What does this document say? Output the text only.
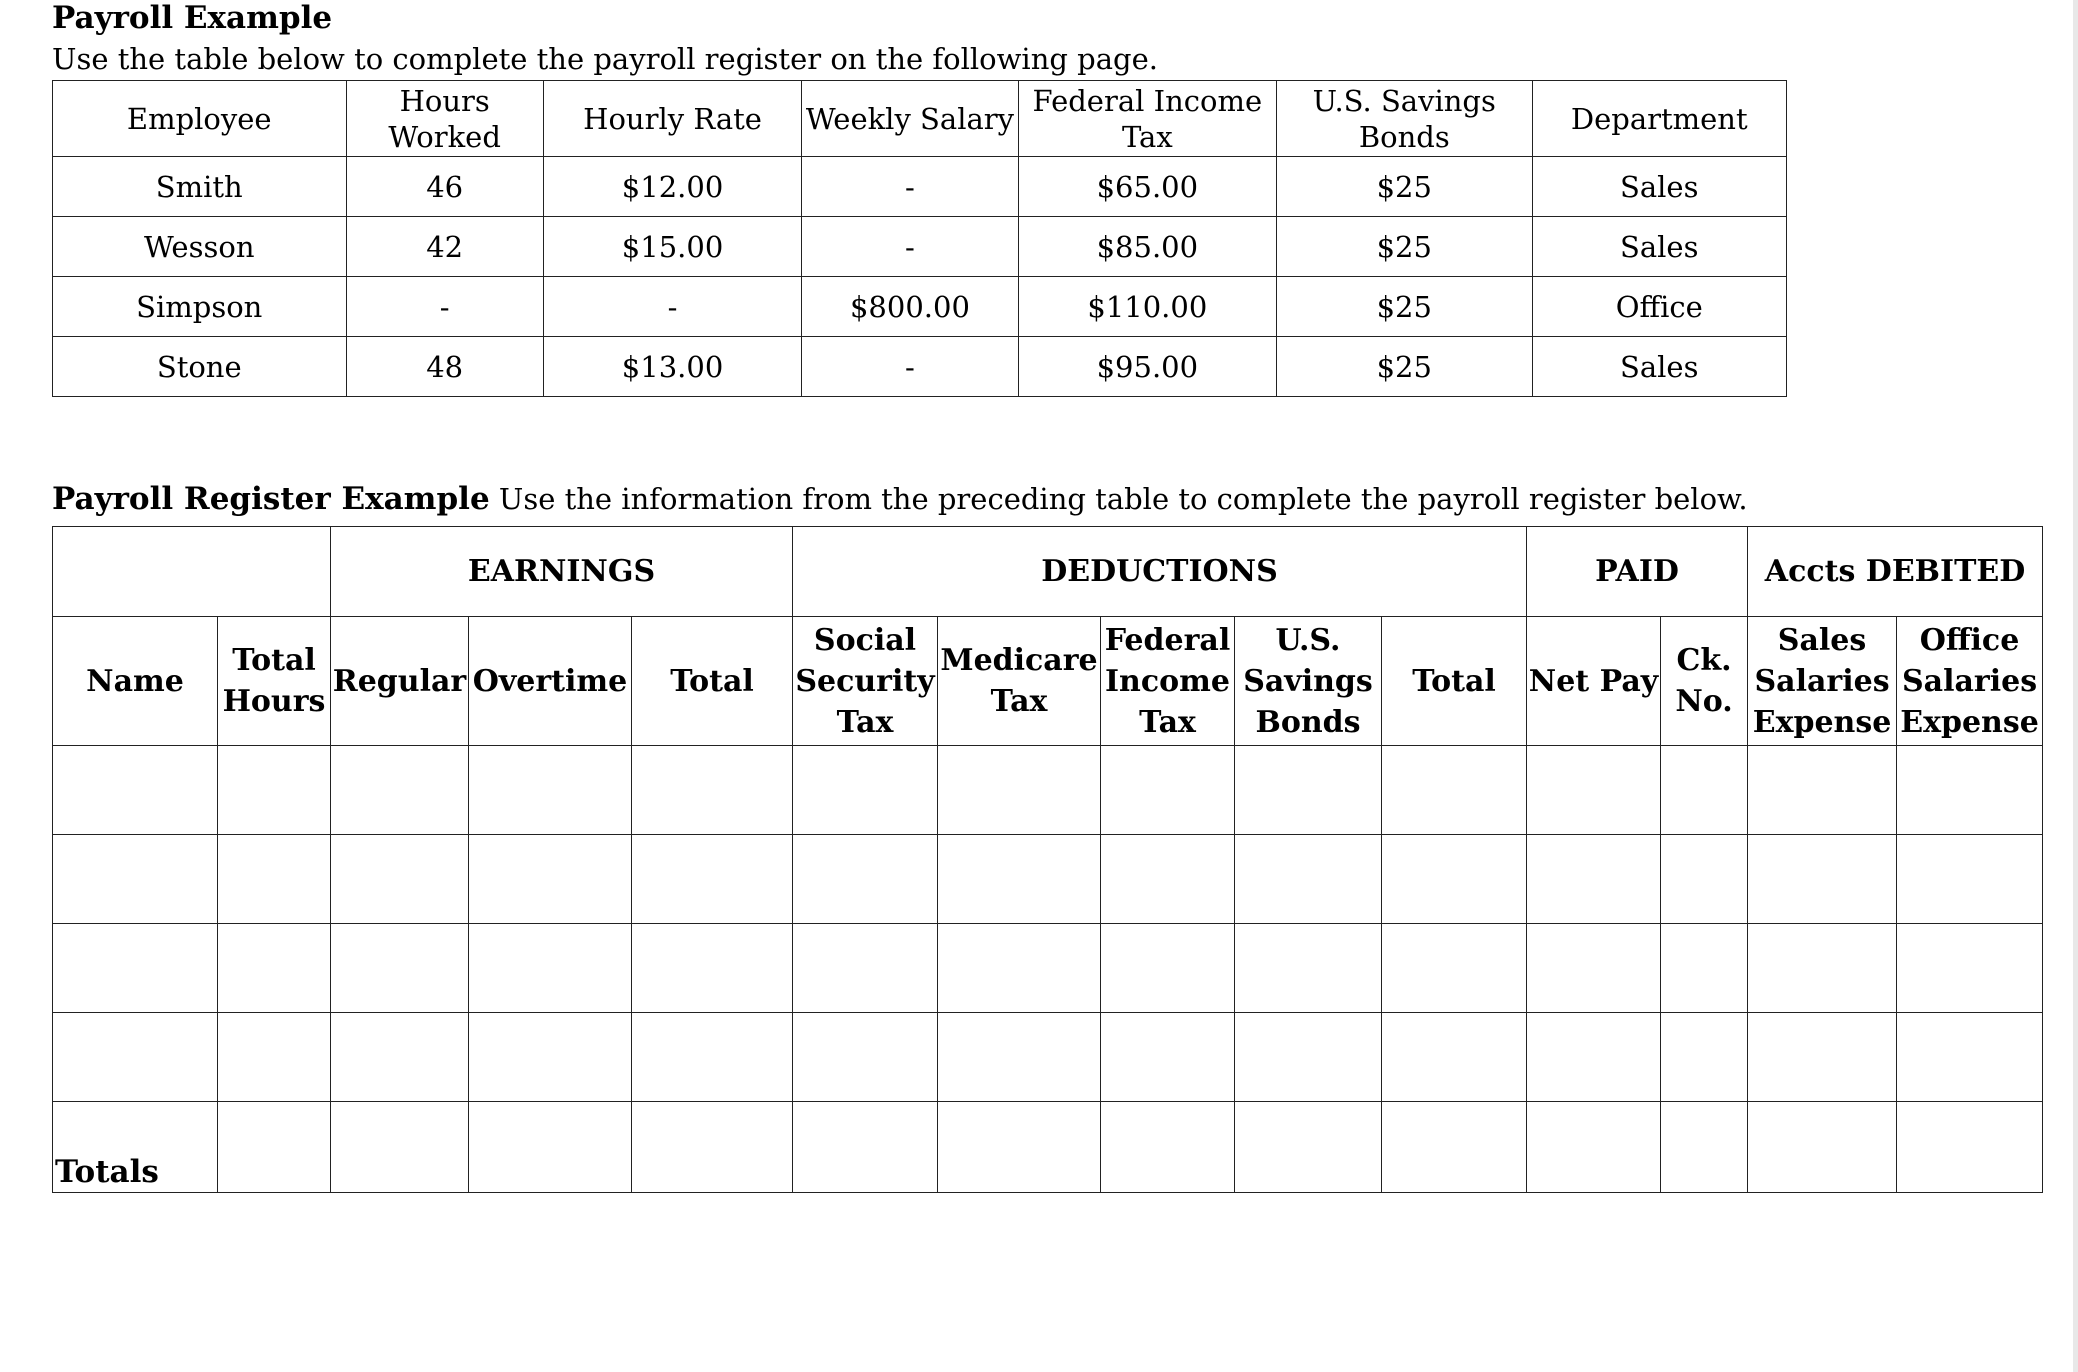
Payroll Example

Use the table below to complete the payroll register on the following page.

Employee	Hours Worked	Hourly Rate	Weekly Salary	Federal Income Tax	U.S. Savings Bonds	Department
Smith	46	$12.00	-	$65.00	$25	Sales
Wesson	42	$15.00	-	$85.00	$25	Sales
Simpson	-	-	$800.00	$110.00	$25	Office
Stone	48	$13.00	-	$95.00	$25	Sales

Payroll Register Example Use the information from the preceding table to complete the payroll register below.

		EARNINGS			DEDUCTIONS					PAID		Accts DEBITED	
Name	Total Hours	Regular	Overtime	Total	Social Security Tax	Medicare Tax	Federal Income Tax	U.S. Savings Bonds	Total	Net Pay	Ck. No.	Sales Salaries Expense	Office Salaries Expense

Totals													
